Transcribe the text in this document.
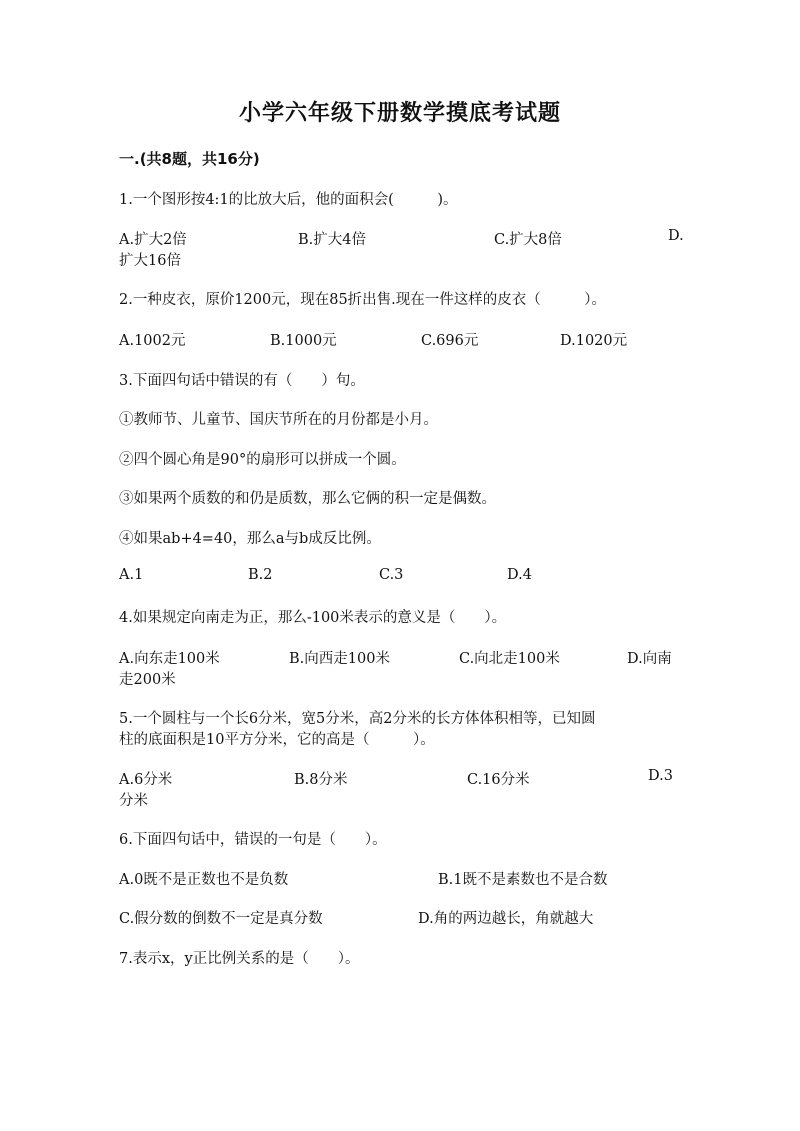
小学六年级下册数学摸底考试题
一.(共8题，共16分)
1.一个图形按4:1的比放大后，他的面积会(　　　)。
A.扩大2倍	B.扩大4倍	C.扩大8倍	D.
扩大16倍
2.一种皮衣，原价1200元，现在85折出售.现在一件这样的皮衣（　　　）。
A.1002元	B.1000元	C.696元	D.1020元
3.下面四句话中错误的有（　　）句。
①教师节、儿童节、国庆节所在的月份都是小月。
②四个圆心角是90°的扇形可以拼成一个圆。
③如果两个质数的和仍是质数，那么它俩的积一定是偶数。
④如果ab+4=40，那么a与b成反比例。
A.1	B.2	C.3	D.4
4.如果规定向南走为正，那么-100米表示的意义是（　　）。
A.向东走100米	B.向西走100米	C.向北走100米	D.向南
走200米
5.一个圆柱与一个长6分米，宽5分米，高2分米的长方体体积相等，已知圆
柱的底面积是10平方分米，它的高是（　　　）。
A.6分米	B.8分米	C.16分米	D.3
分米
6.下面四句话中，错误的一句是（　　）。
A.0既不是正数也不是负数	B.1既不是素数也不是合数
C.假分数的倒数不一定是真分数	D.角的两边越长，角就越大
7.表示x，y正比例关系的是（　　）。
